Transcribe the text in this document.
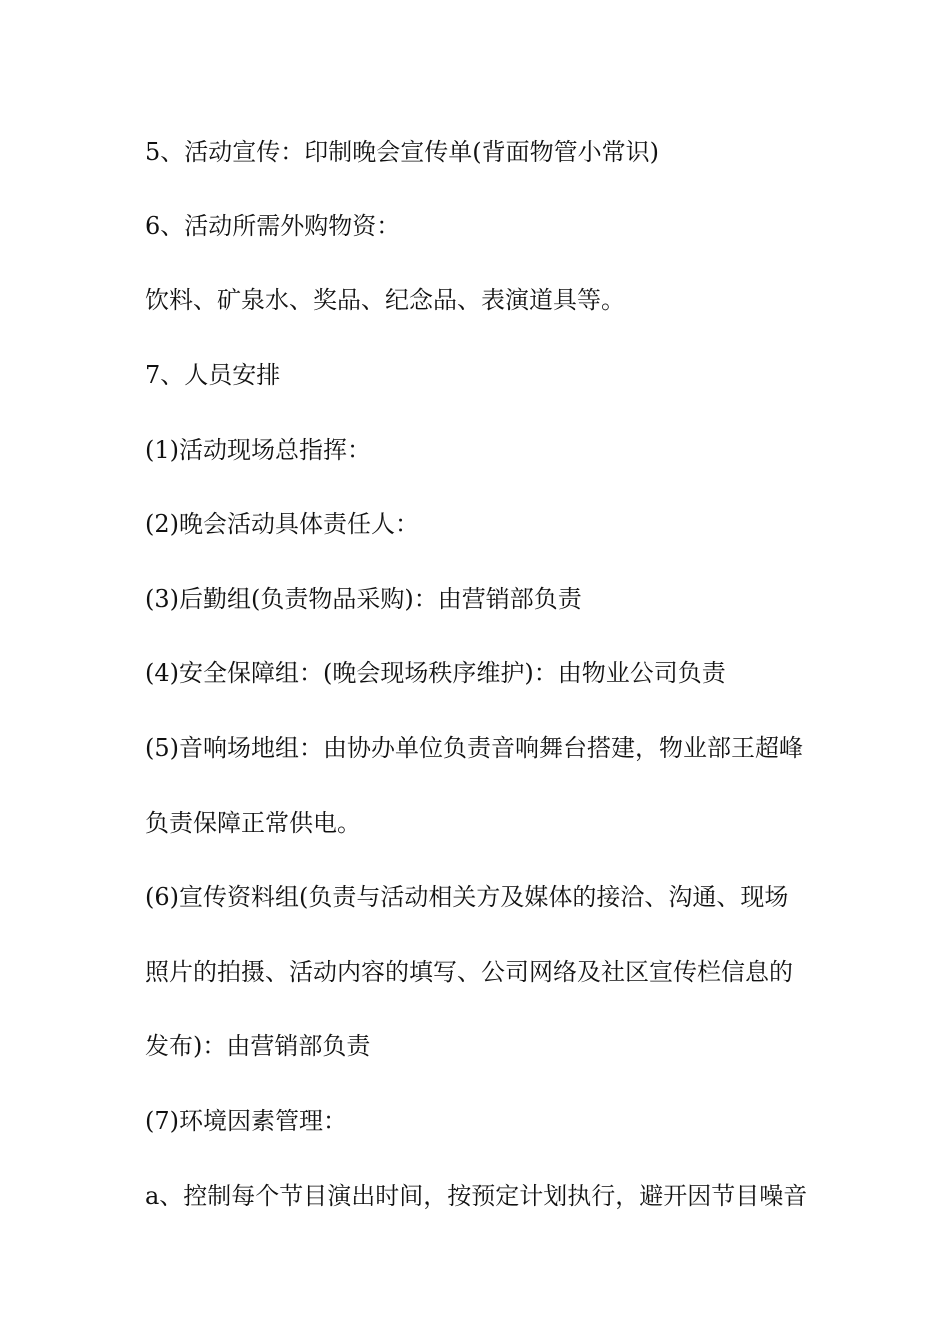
5、活动宣传：印制晚会宣传单(背面物管小常识)
6、活动所需外购物资：
饮料、矿泉水、奖品、纪念品、表演道具等。
7、人员安排
(1)活动现场总指挥：
(2)晚会活动具体责任人：
(3)后勤组(负责物品采购)：由营销部负责
(4)安全保障组：(晚会现场秩序维护)：由物业公司负责
(5)音响场地组：由协办单位负责音响舞台搭建，物业部王超峰
负责保障正常供电。
(6)宣传资料组(负责与活动相关方及媒体的接洽、沟通、现场
照片的拍摄、活动内容的填写、公司网络及社区宣传栏信息的
发布)：由营销部负责
(7)环境因素管理：
a、控制每个节目演出时间，按预定计划执行，避开因节目噪音
